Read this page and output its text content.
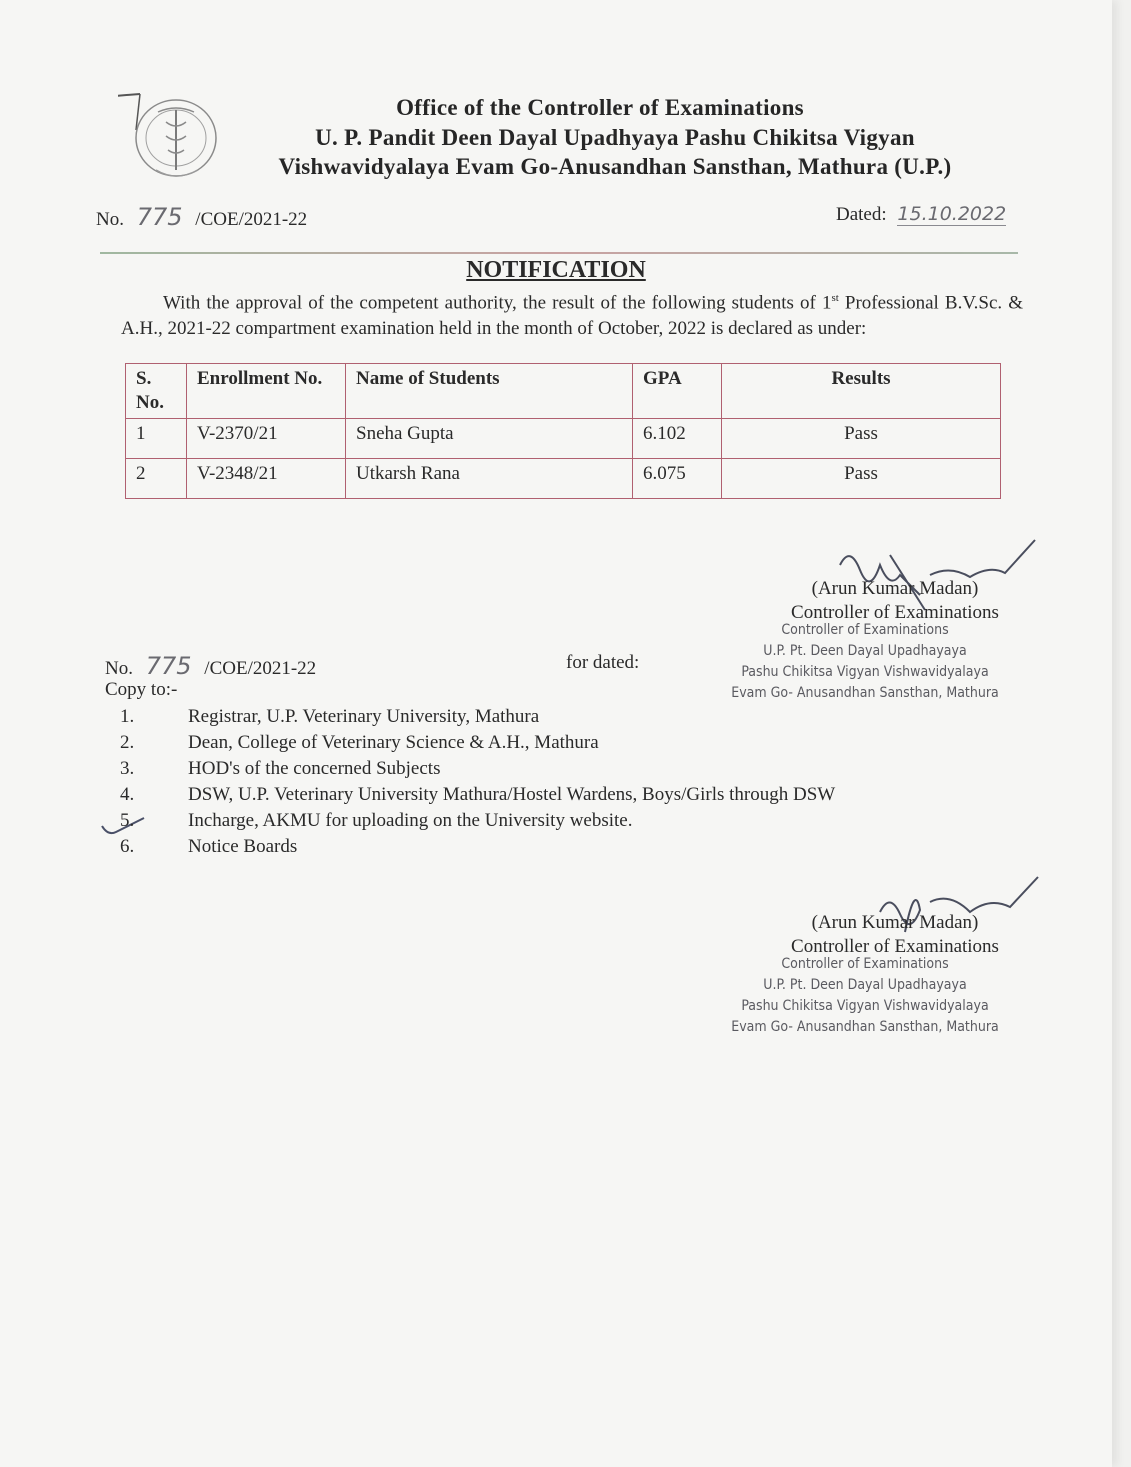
Office of the Controller of Examinations
U. P. Pandit Deen Dayal Upadhyaya Pashu Chikitsa Vigyan
Vishwavidyalaya Evam Go-Anusandhan Sansthan, Mathura (U.P.)
No. 775 /COE/2021-22	Dated: 15.10.2022
NOTIFICATION
With the approval of the competent authority, the result of the following students of 1st Professional B.V.Sc. & A.H., 2021-22 compartment examination held in the month of October, 2022 is declared as under:
S. No.	Enrollment No.	Name of Students	GPA	Results
1	V-2370/21	Sneha Gupta	6.102	Pass
2	V-2348/21	Utkarsh Rana	6.075	Pass
(Arun Kumar Madan)
Controller of Examinations
Controller of Examinations
U.P. Pt. Deen Dayal Upadhayaya
Pashu Chikitsa Vigyan Vishwavidyalaya
Evam Go- Anusandhan Sansthan, Mathura
No. 775 /COE/2021-22	for dated:
Copy to:-
1.	Registrar, U.P. Veterinary University, Mathura
2.	Dean, College of Veterinary Science & A.H., Mathura
3.	HOD's of the concerned Subjects
4.	DSW, U.P. Veterinary University Mathura/Hostel Wardens, Boys/Girls through DSW
5.	Incharge, AKMU for uploading on the University website.
6.	Notice Boards
(Arun Kumar Madan)
Controller of Examinations
Controller of Examinations
U.P. Pt. Deen Dayal Upadhayaya
Pashu Chikitsa Vigyan Vishwavidyalaya
Evam Go- Anusandhan Sansthan, Mathura
